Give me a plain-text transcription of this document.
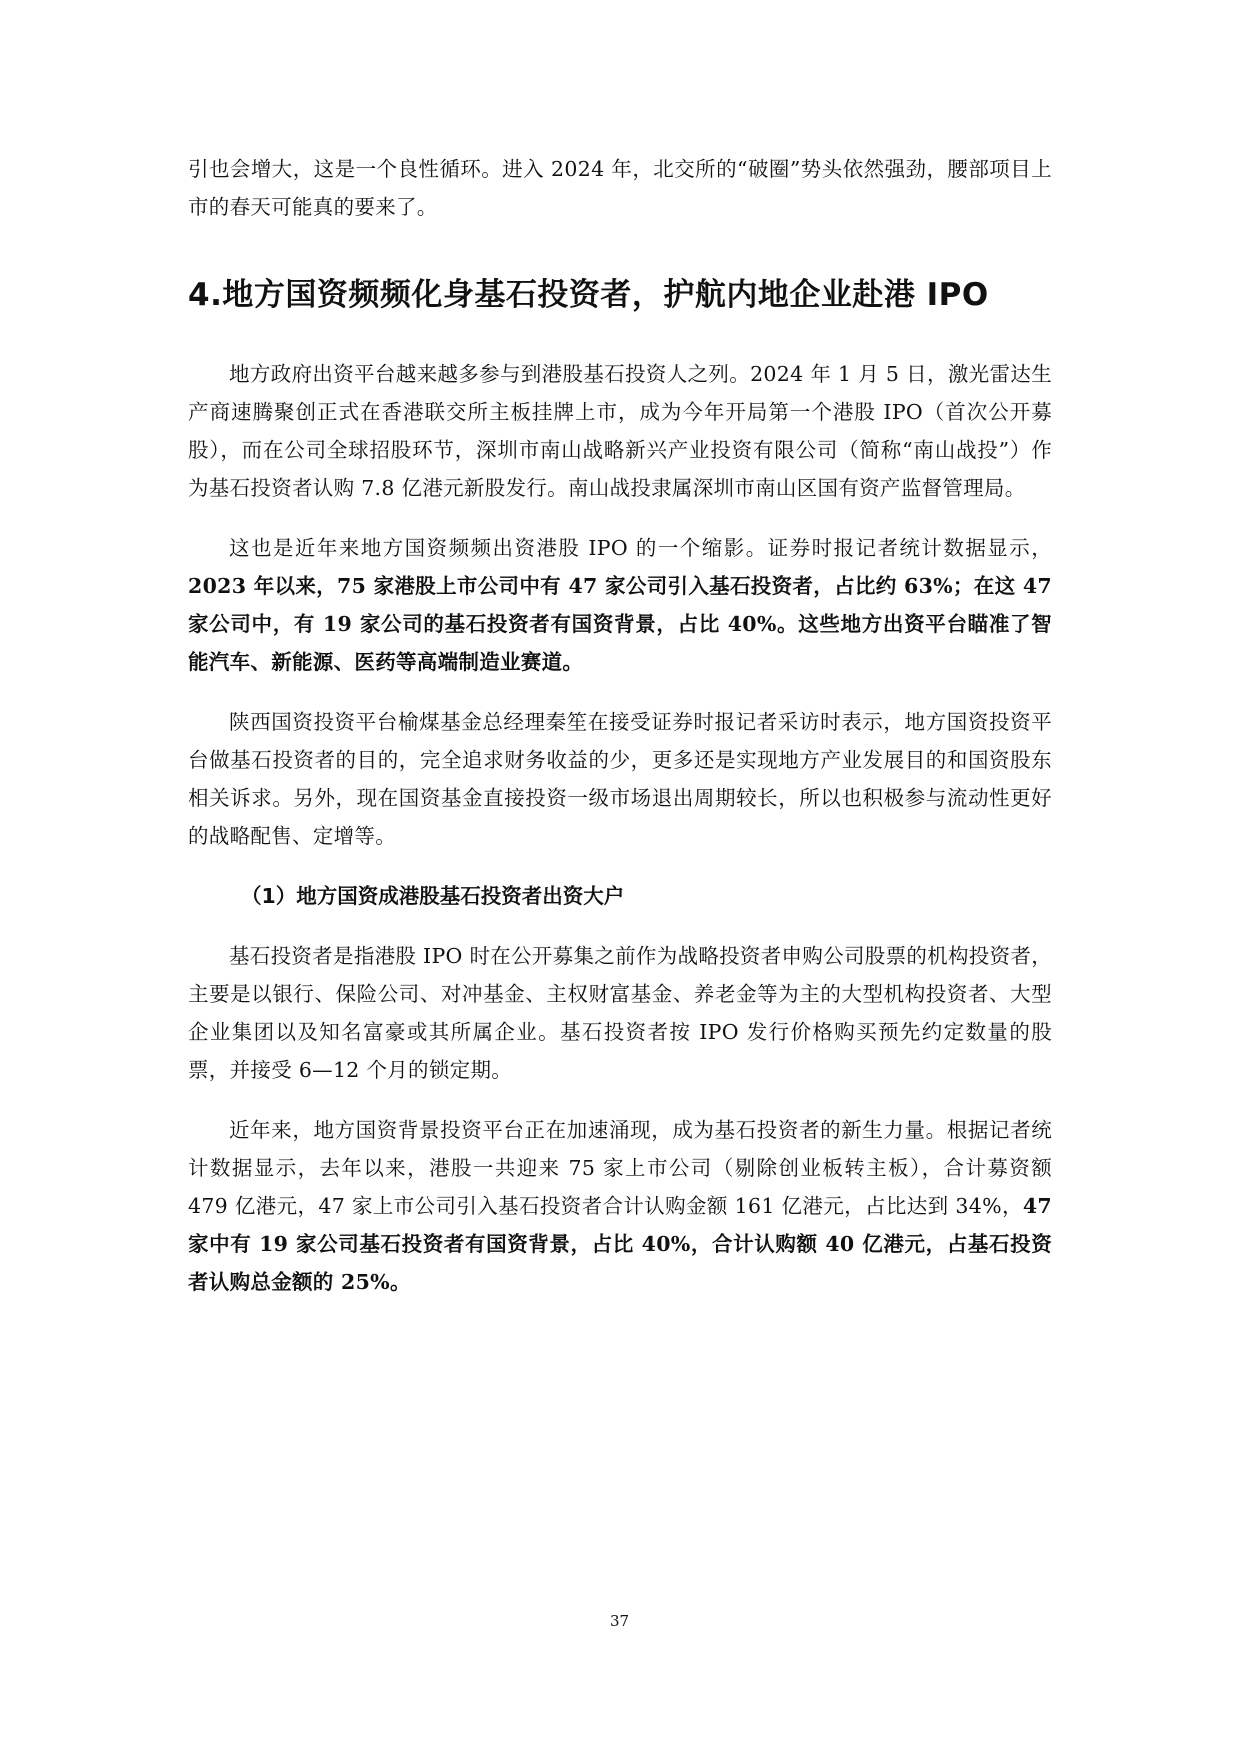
引也会增大，这是一个良性循环。进入 2024 年，北交所的“破圈”势头依然强劲，腰部项目上市的春天可能真的要来了。

4.地方国资频频化身基石投资者，护航内地企业赴港 IPO

地方政府出资平台越来越多参与到港股基石投资人之列。2024 年 1 月 5 日，激光雷达生产商速腾聚创正式在香港联交所主板挂牌上市，成为今年开局第一个港股 IPO（首次公开募股），而在公司全球招股环节，深圳市南山战略新兴产业投资有限公司（简称“南山战投”）作为基石投资者认购 7.8 亿港元新股发行。南山战投隶属深圳市南山区国有资产监督管理局。

这也是近年来地方国资频频出资港股 IPO 的一个缩影。证券时报记者统计数据显示，2023 年以来，75 家港股上市公司中有 47 家公司引入基石投资者，占比约 63%；在这 47 家公司中，有 19 家公司的基石投资者有国资背景，占比 40%。这些地方出资平台瞄准了智能汽车、新能源、医药等高端制造业赛道。

陕西国资投资平台榆煤基金总经理秦笙在接受证券时报记者采访时表示，地方国资投资平台做基石投资者的目的，完全追求财务收益的少，更多还是实现地方产业发展目的和国资股东相关诉求。另外，现在国资基金直接投资一级市场退出周期较长，所以也积极参与流动性更好的战略配售、定增等。

（1）地方国资成港股基石投资者出资大户

基石投资者是指港股 IPO 时在公开募集之前作为战略投资者申购公司股票的机构投资者，主要是以银行、保险公司、对冲基金、主权财富基金、养老金等为主的大型机构投资者、大型企业集团以及知名富豪或其所属企业。基石投资者按 IPO 发行价格购买预先约定数量的股票，并接受 6—12 个月的锁定期。

近年来，地方国资背景投资平台正在加速涌现，成为基石投资者的新生力量。根据记者统计数据显示，去年以来，港股一共迎来 75 家上市公司（剔除创业板转主板），合计募资额 479 亿港元，47 家上市公司引入基石投资者合计认购金额 161 亿港元，占比达到 34%，47 家中有 19 家公司基石投资者有国资背景，占比 40%，合计认购额 40 亿港元，占基石投资者认购总金额的 25%。

37
